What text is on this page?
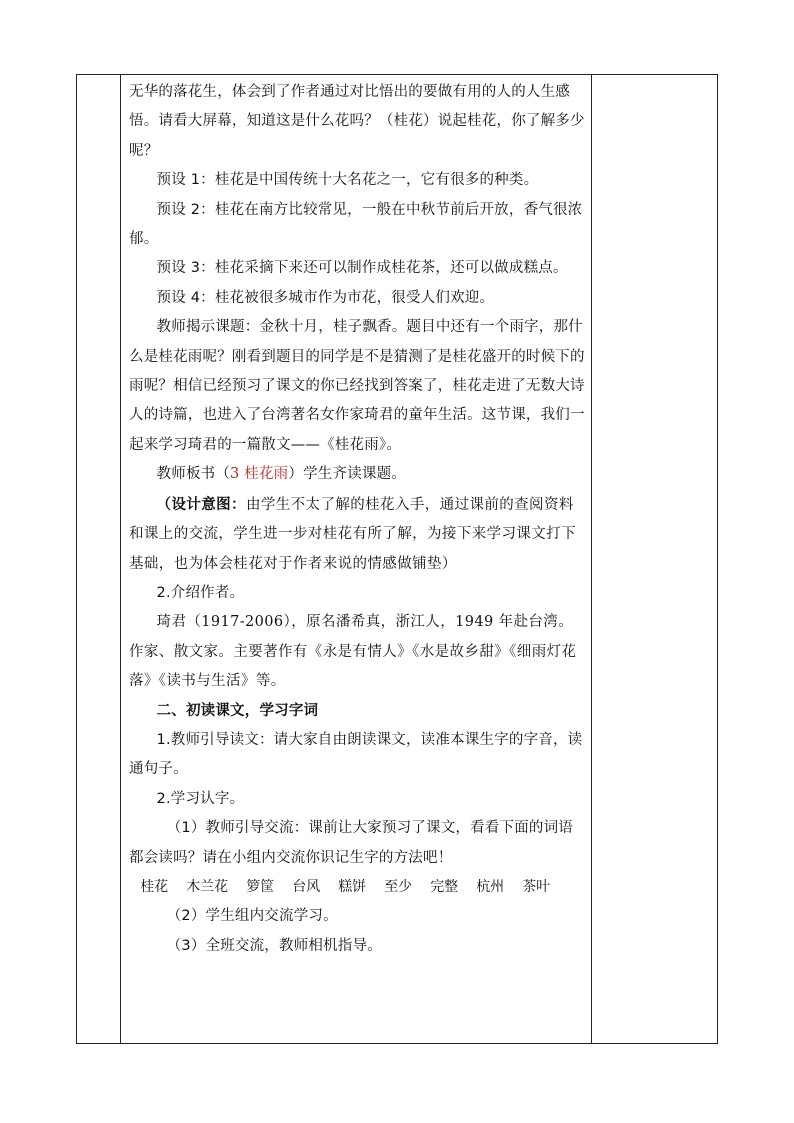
无华的落花生，体会到了作者通过对比悟出的要做有用的人的人生感悟。请看大屏幕，知道这是什么花吗？（桂花）说起桂花，你了解多少呢？

预设 1：桂花是中国传统十大名花之一，它有很多的种类。

预设 2：桂花在南方比较常见，一般在中秋节前后开放，香气很浓郁。

预设 3：桂花采摘下来还可以制作成桂花茶，还可以做成糕点。

预设 4：桂花被很多城市作为市花，很受人们欢迎。

教师揭示课题：金秋十月，桂子飘香。题目中还有一个雨字，那什么是桂花雨呢？刚看到题目的同学是不是猜测了是桂花盛开的时候下的雨呢？相信已经预习了课文的你已经找到答案了，桂花走进了无数大诗人的诗篇，也进入了台湾著名女作家琦君的童年生活。这节课，我们一起来学习琦君的一篇散文——《桂花雨》。

教师板书（3 桂花雨）学生齐读课题。

（设计意图：由学生不太了解的桂花入手，通过课前的查阅资料和课上的交流，学生进一步对桂花有所了解，为接下来学习课文打下基础，也为体会桂花对于作者来说的情感做铺垫）

2.介绍作者。

琦君（1917-2006），原名潘希真，浙江人，1949 年赴台湾。作家、散文家。主要著作有《永是有情人》《水是故乡甜》《细雨灯花落》《读书与生活》等。

二、初读课文，学习字词

1.教师引导读文：请大家自由朗读课文，读准本课生字的字音，读通句子。

2.学习认字。

（1）教师引导交流：课前让大家预习了课文，看看下面的词语都会读吗？请在小组内交流你识记生字的方法吧！

桂花 木兰花 箩筐 台风 糕饼 至少 完整 杭州 茶叶

（2）学生组内交流学习。

（3）全班交流，教师相机指导。
